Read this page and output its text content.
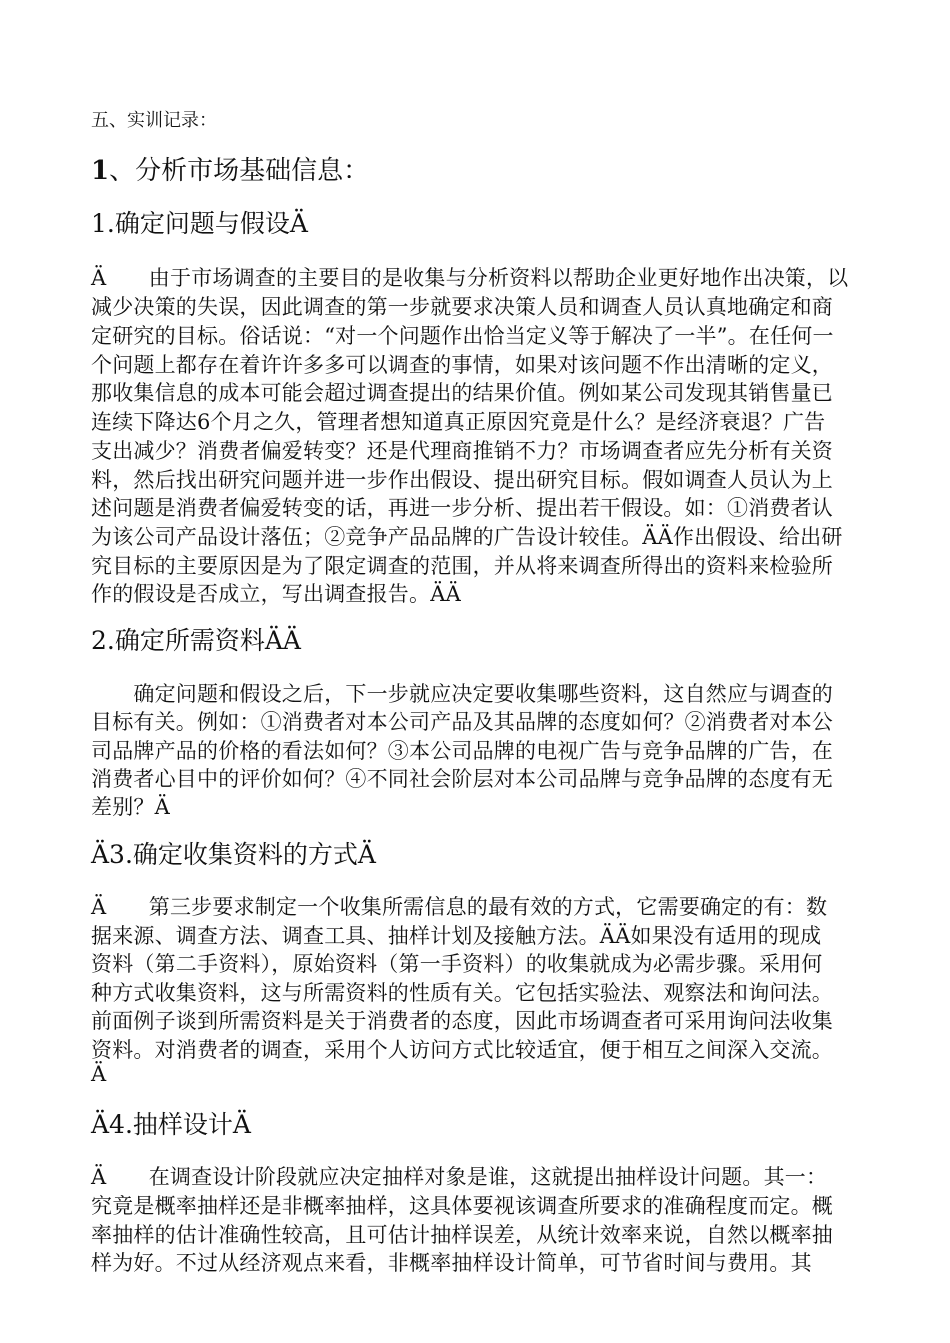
五、实训记录：
1、分析市场基础信息：
1.确定问题与假设Ä
Ä　　由于市场调查的主要目的是收集与分析资料以帮助企业更好地作出决策，以
减少决策的失误，因此调查的第一步就要求决策人员和调查人员认真地确定和商
定研究的目标。俗话说：“对一个问题作出恰当定义等于解决了一半”。在任何一
个问题上都存在着许许多多可以调查的事情，如果对该问题不作出清晰的定义，
那收集信息的成本可能会超过调查提出的结果价值。例如某公司发现其销售量已
连续下降达6个月之久，管理者想知道真正原因究竟是什么？是经济衰退？广告
支出减少？消费者偏爱转变？还是代理商推销不力？市场调查者应先分析有关资
料，然后找出研究问题并进一步作出假设、提出研究目标。假如调查人员认为上
述问题是消费者偏爱转变的话，再进一步分析、提出若干假设。如：①消费者认
为该公司产品设计落伍；②竞争产品品牌的广告设计较佳。ÄÄ作出假设、给出研
究目标的主要原因是为了限定调查的范围，并从将来调查所得出的资料来检验所
作的假设是否成立，写出调查报告。ÄÄ
2.确定所需资料ÄÄ
　　确定问题和假设之后，下一步就应决定要收集哪些资料，这自然应与调查的
目标有关。例如：①消费者对本公司产品及其品牌的态度如何？②消费者对本公
司品牌产品的价格的看法如何？③本公司品牌的电视广告与竞争品牌的广告，在
消费者心目中的评价如何？④不同社会阶层对本公司品牌与竞争品牌的态度有无
差别？Ä
Ä3.确定收集资料的方式Ä
Ä　　第三步要求制定一个收集所需信息的最有效的方式，它需要确定的有：数
据来源、调查方法、调查工具、抽样计划及接触方法。ÄÄ如果没有适用的现成
资料（第二手资料），原始资料（第一手资料）的收集就成为必需步骤。采用何
种方式收集资料，这与所需资料的性质有关。它包括实验法、观察法和询问法。
前面例子谈到所需资料是关于消费者的态度，因此市场调查者可采用询问法收集
资料。对消费者的调查，采用个人访问方式比较适宜，便于相互之间深入交流。
Ä
Ä4.抽样设计Ä
Ä　　在调查设计阶段就应决定抽样对象是谁，这就提出抽样设计问题。其一：
究竟是概率抽样还是非概率抽样，这具体要视该调查所要求的准确程度而定。概
率抽样的估计准确性较高，且可估计抽样误差，从统计效率来说，自然以概率抽
样为好。不过从经济观点来看，非概率抽样设计简单，可节省时间与费用。其
